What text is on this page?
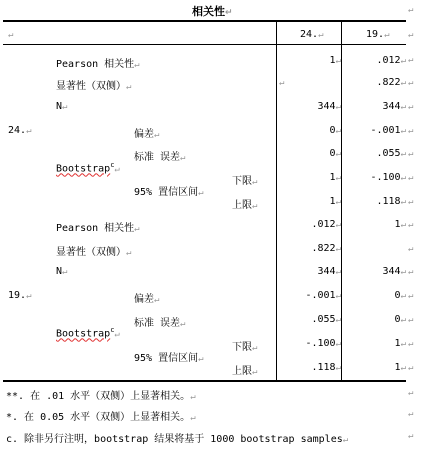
相关性↵	↵
↵	24.↵	19.↵ ↵
Pearson 相关性↵	1↵	.012↵ ↵
显著性（双侧）↵	↵	.822↵ ↵
N↵	344↵	344↵ ↵
24.↵	偏差↵	0↵	-.001↵ ↵
标准 误差↵	0↵	.055↵ ↵
Bootstrap$^c$↵
95% 置信区间↵
下限↵	1↵	-.100↵ ↵
上限↵	1↵	.118↵ ↵
Pearson 相关性↵	.012↵	1↵ ↵
显著性（双侧）↵	.822↵	↵
N↵	344↵	344↵ ↵
19.↵	偏差↵	-.001↵	0↵ ↵
标准 误差↵	.055↵	0↵ ↵
Bootstrap$^c$↵
95% 置信区间↵
下限↵	-.100↵	1↵ ↵
上限↵	.118↵	1↵ ↵
**. 在 .01 水平（双侧）上显著相关。↵	↵
*. 在 0.05 水平（双侧）上显著相关。↵	↵
c. 除非另行注明，bootstrap 结果将基于 1000 bootstrap samples↵	↵
